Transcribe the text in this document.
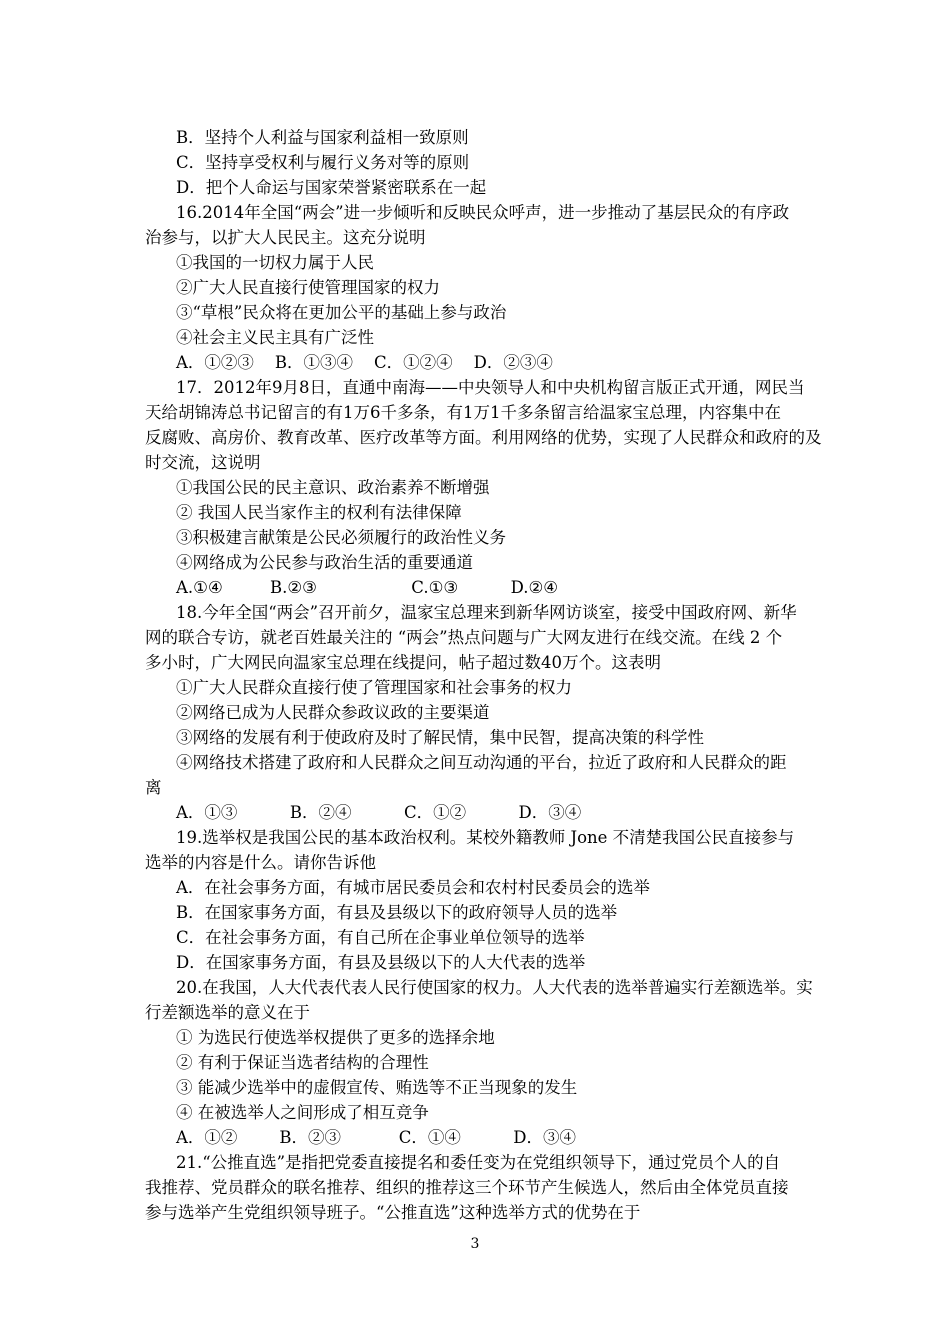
B．坚持个人利益与国家利益相一致原则
C．坚持享受权利与履行义务对等的原则
D．把个人命运与国家荣誉紧密联系在一起
16.2014年全国“两会”进一步倾听和反映民众呼声，进一步推动了基层民众的有序政
治参与，以扩大人民民主。这充分说明
①我国的一切权力属于人民
②广大人民直接行使管理国家的权力
③“草根”民众将在更加公平的基础上参与政治
④社会主义民主具有广泛性
A．①②③    B．①③④    C．①②④    D．②③④
17．2012年9月8日，直通中南海——中央领导人和中央机构留言版正式开通，网民当
天给胡锦涛总书记留言的有1万6千多条，有1万1千多条留言给温家宝总理，内容集中在
反腐败、高房价、教育改革、医疗改革等方面。利用网络的优势，实现了人民群众和政府的及
时交流，这说明
①我国公民的民主意识、政治素养不断增强
② 我国人民当家作主的权利有法律保障
③积极建言献策是公民必须履行的政治性义务
④网络成为公民参与政治生活的重要通道
A.①④         B.②③                  C.①③          D.②④
18.今年全国“两会”召开前夕，温家宝总理来到新华网访谈室，接受中国政府网、新华
网的联合专访，就老百姓最关注的 “两会”热点问题与广大网友进行在线交流。在线 2 个
多小时，广大网民向温家宝总理在线提问，帖子超过数40万个。这表明
①广大人民群众直接行使了管理国家和社会事务的权力
②网络已成为人民群众参政议政的主要渠道
③网络的发展有利于使政府及时了解民情，集中民智，提高决策的科学性
④网络技术搭建了政府和人民群众之间互动沟通的平台，拉近了政府和人民群众的距
离
A．①③          B．②④          C．①②          D．③④
19.选举权是我国公民的基本政治权利。某校外籍教师 Jone 不清楚我国公民直接参与
选举的内容是什么。请你告诉他
A．在社会事务方面，有城市居民委员会和农村村民委员会的选举
B．在国家事务方面，有县及县级以下的政府领导人员的选举
C．在社会事务方面，有自己所在企事业单位领导的选举
D．在国家事务方面，有县及县级以下的人大代表的选举
20.在我国，人大代表代表人民行使国家的权力。人大代表的选举普遍实行差额选举。实
行差额选举的意义在于
① 为选民行使选举权提供了更多的选择余地
② 有利于保证当选者结构的合理性
③ 能减少选举中的虚假宣传、贿选等不正当现象的发生
④ 在被选举人之间形成了相互竞争
A．①②        B．②③           C．①④          D．③④
21.“公推直选”是指把党委直接提名和委任变为在党组织领导下，通过党员个人的自
我推荐、党员群众的联名推荐、组织的推荐这三个环节产生候选人，然后由全体党员直接
参与选举产生党组织领导班子。“公推直选”这种选举方式的优势在于
3
